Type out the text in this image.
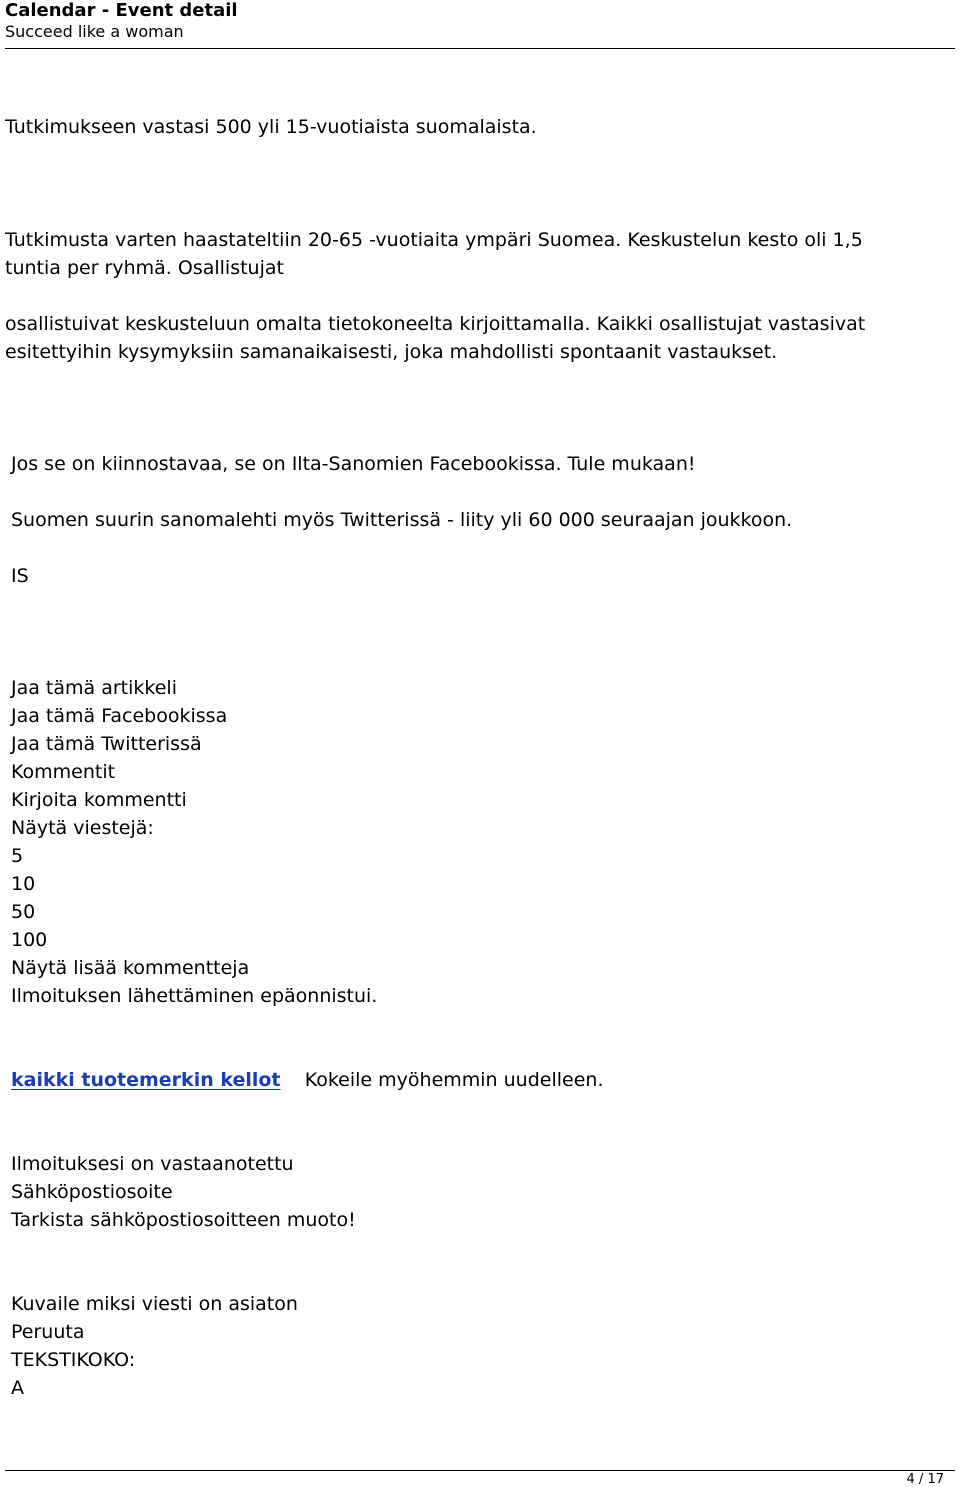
Calendar - Event detail
Succeed like a woman
Tutkimukseen vastasi 500 yli 15-vuotiaista suomalaista.
Tutkimusta varten haastateltiin 20-65 -vuotiaita ympäri Suomea. Keskustelun kesto oli 1,5
tuntia per ryhmä. Osallistujat
osallistuivat keskusteluun omalta tietokoneelta kirjoittamalla. Kaikki osallistujat vastasivat
esitettyihin kysymyksiin samanaikaisesti, joka mahdollisti spontaanit vastaukset.
Jos se on kiinnostavaa, se on Ilta-Sanomien Facebookissa. Tule mukaan!
Suomen suurin sanomalehti myös Twitterissä - liity yli 60 000 seuraajan joukkoon.
IS
Jaa tämä artikkeli
Jaa tämä Facebookissa
Jaa tämä Twitterissä
Kommentit
Kirjoita kommentti
Näytä viestejä:
5
10
50
100
Näytä lisää kommentteja
Ilmoituksen lähettäminen epäonnistui.
kaikki tuotemerkin kellot Kokeile myöhemmin uudelleen.
Ilmoituksesi on vastaanotettu
Sähköpostiosoite
Tarkista sähköpostiosoitteen muoto!
Kuvaile miksi viesti on asiaton
Peruuta
TEKSTIKOKO:
A
4 / 17
